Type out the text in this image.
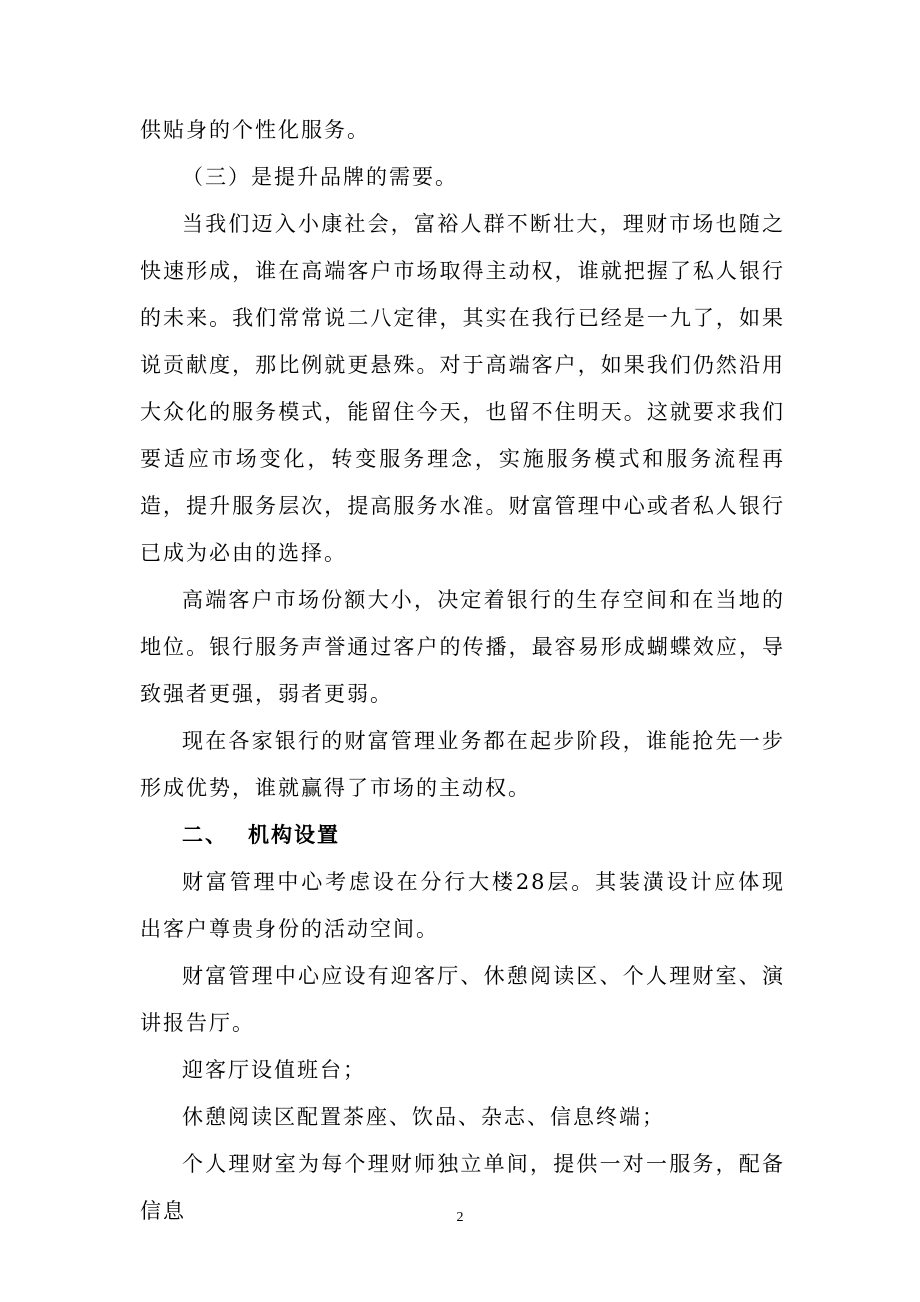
供贴身的个性化服务。

（三）是提升品牌的需要。

当我们迈入小康社会，富裕人群不断壮大，理财市场也随之快速形成，谁在高端客户市场取得主动权，谁就把握了私人银行的未来。我们常常说二八定律，其实在我行已经是一九了，如果说贡献度，那比例就更悬殊。对于高端客户，如果我们仍然沿用大众化的服务模式，能留住今天，也留不住明天。这就要求我们要适应市场变化，转变服务理念，实施服务模式和服务流程再造，提升服务层次，提高服务水准。财富管理中心或者私人银行已成为必由的选择。

高端客户市场份额大小，决定着银行的生存空间和在当地的地位。银行服务声誉通过客户的传播，最容易形成蝴蝶效应，导致强者更强，弱者更弱。

现在各家银行的财富管理业务都在起步阶段，谁能抢先一步形成优势，谁就赢得了市场的主动权。

二、 机构设置

财富管理中心考虑设在分行大楼28层。其装潢设计应体现出客户尊贵身份的活动空间。

财富管理中心应设有迎客厅、休憩阅读区、个人理财室、演讲报告厅。

迎客厅设值班台；

休憩阅读区配置茶座、饮品、杂志、信息终端；

个人理财室为每个理财师独立单间，提供一对一服务，配备信息	2
